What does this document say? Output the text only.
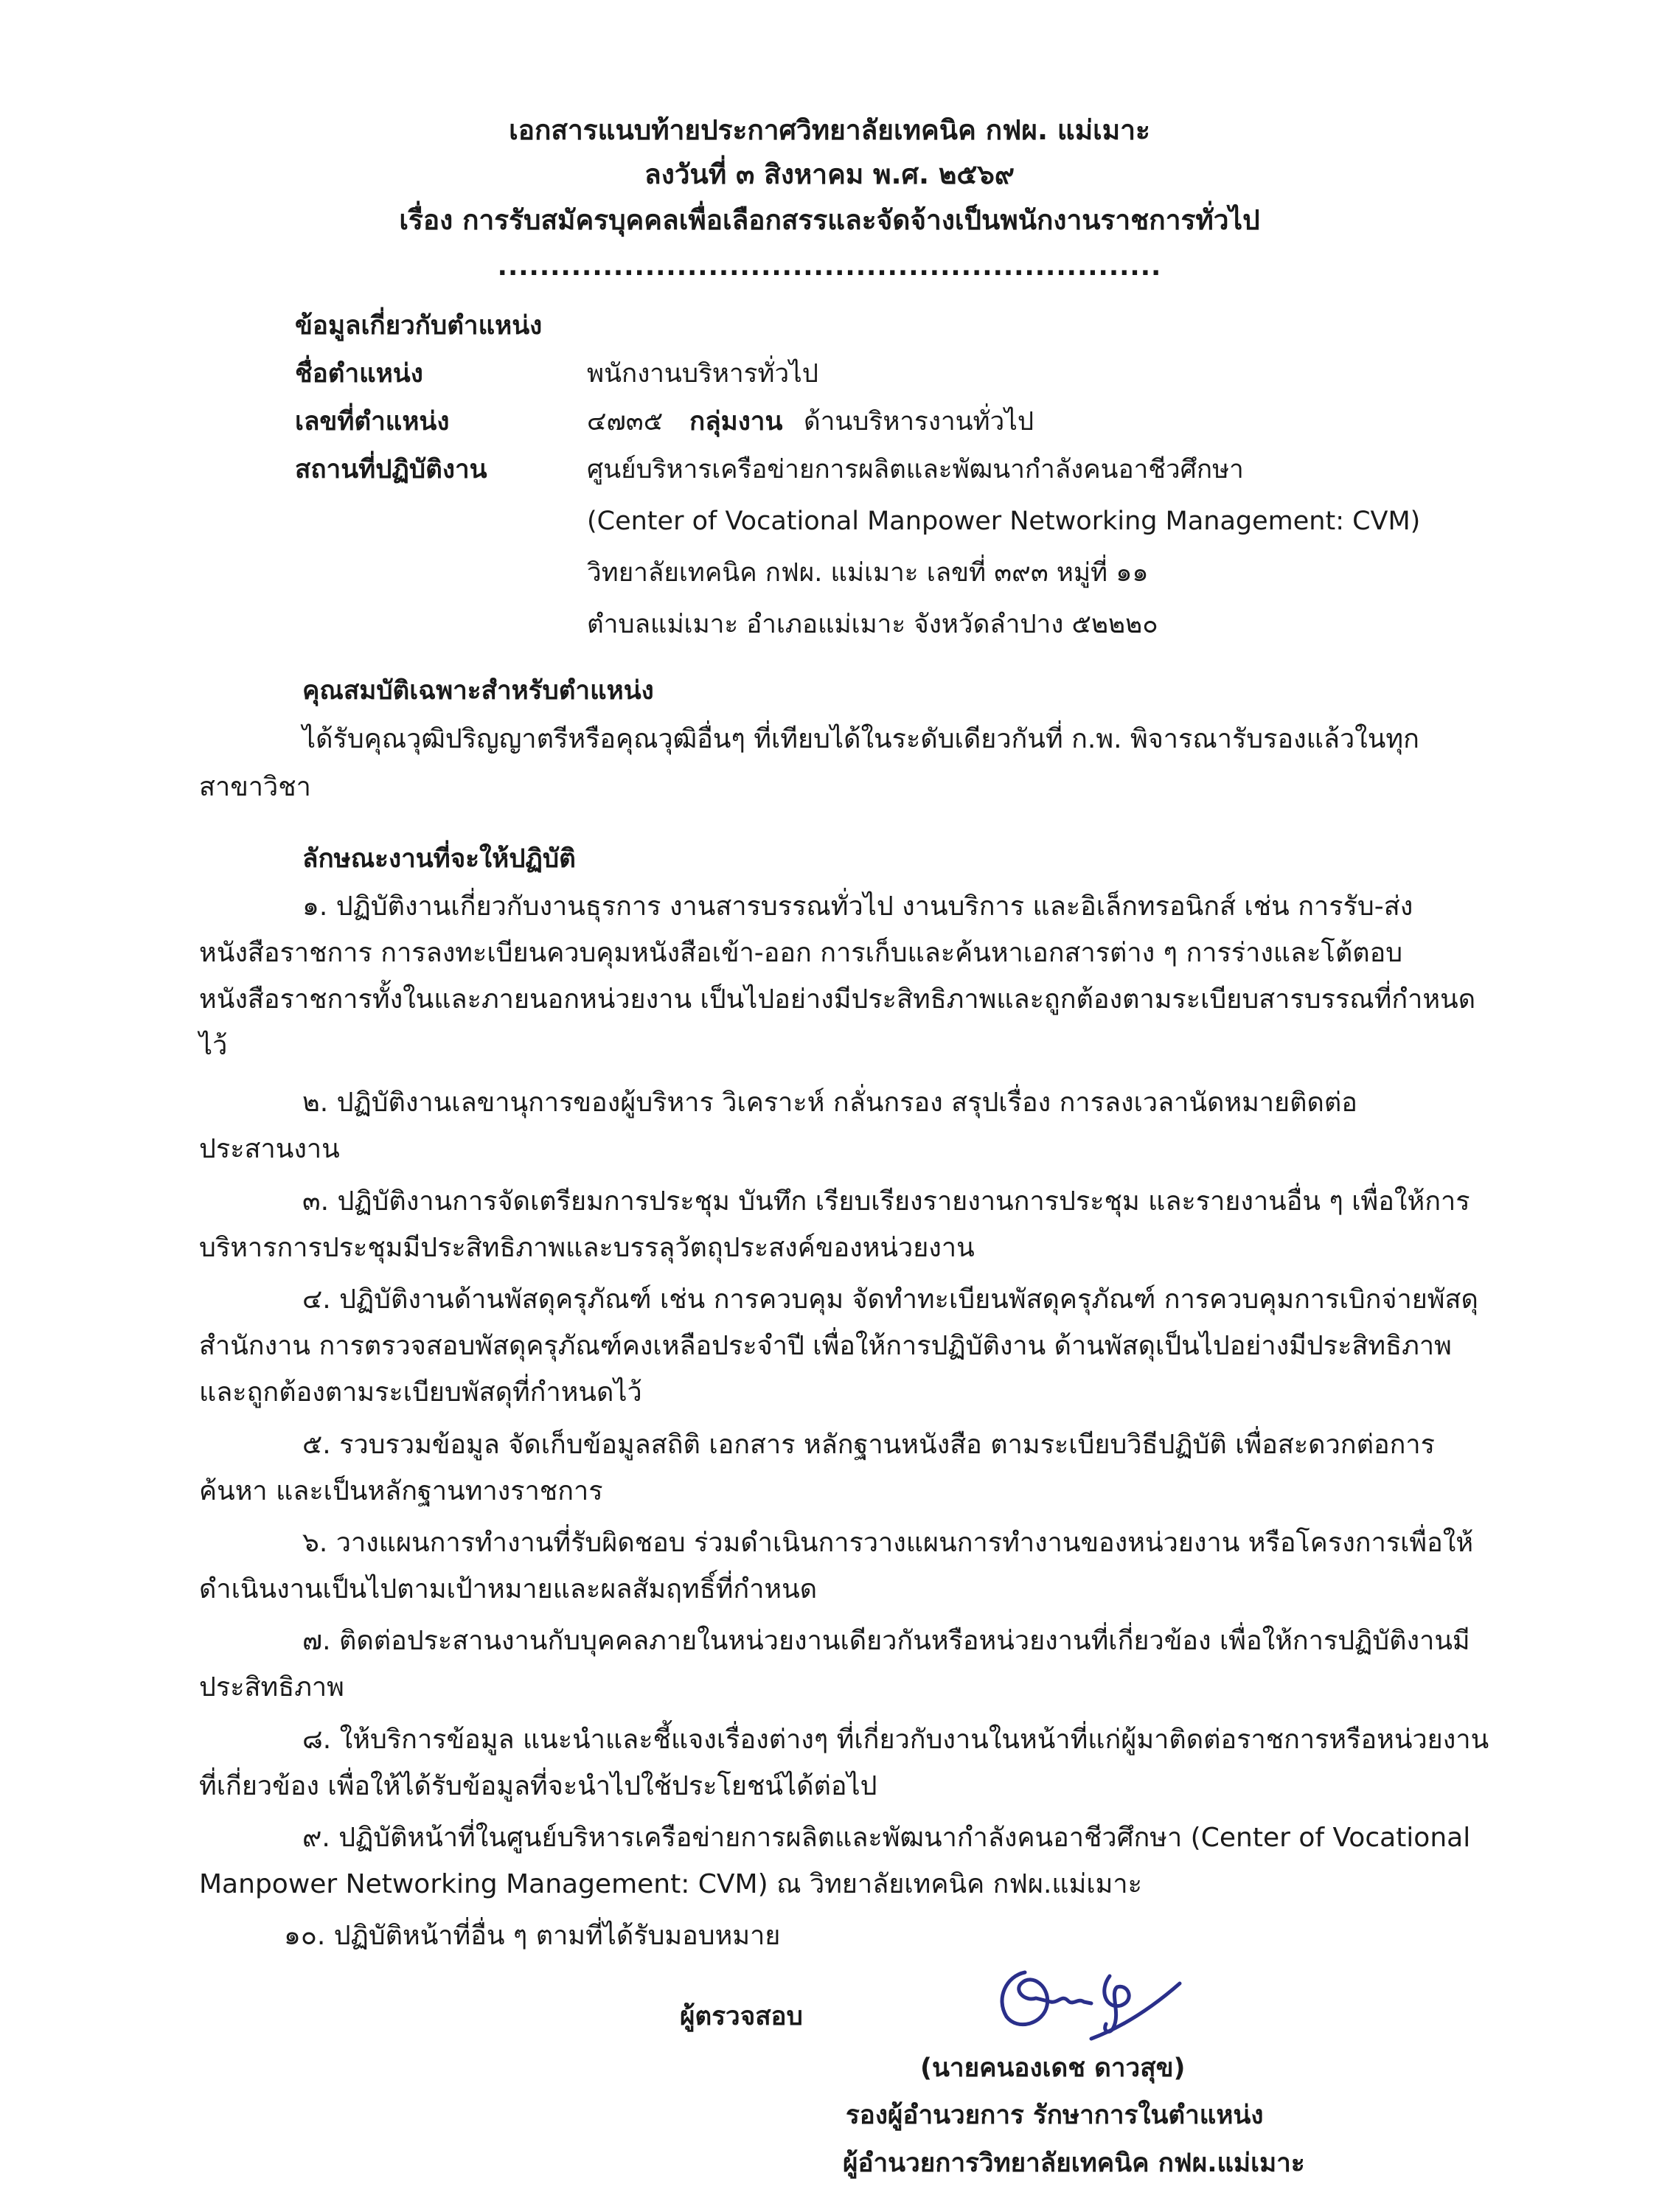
เอกสารแนบท้ายประกาศวิทยาลัยเทคนิค กฟผ. แม่เมาะ
ลงวันที่ ๓ สิงหาคม พ.ศ. ๒๕๖๙
เรื่อง การรับสมัครบุคคลเพื่อเลือกสรรและจัดจ้างเป็นพนักงานราชการทั่วไป
...............................................................
ข้อมูลเกี่ยวกับตำแหน่ง
ชื่อตำแหน่ง	พนักงานบริหารทั่วไป
เลขที่ตำแหน่ง	๔๗๓๕ กลุ่มงาน ด้านบริหารงานทั่วไป
สถานที่ปฏิบัติงาน	ศูนย์บริหารเครือข่ายการผลิตและพัฒนากำลังคนอาชีวศึกษา
(Center of Vocational Manpower Networking Management: CVM)
วิทยาลัยเทคนิค กฟผ. แม่เมาะ เลขที่ ๓๙๓ หมู่ที่ ๑๑
ตำบลแม่เมาะ อำเภอแม่เมาะ จังหวัดลำปาง ๕๒๒๒๐
คุณสมบัติเฉพาะสำหรับตำแหน่ง
ได้รับคุณวุฒิปริญญาตรีหรือคุณวุฒิอื่นๆ ที่เทียบได้ในระดับเดียวกันที่ ก.พ. พิจารณารับรองแล้วในทุก
สาขาวิชา
ลักษณะงานที่จะให้ปฏิบัติ
๑. ปฏิบัติงานเกี่ยวกับงานธุรการ งานสารบรรณทั่วไป งานบริการ และอิเล็กทรอนิกส์ เช่น การรับ-ส่ง
หนังสือราชการ การลงทะเบียนควบคุมหนังสือเข้า-ออก การเก็บและค้นหาเอกสารต่าง ๆ การร่างและโต้ตอบ
หนังสือราชการทั้งในและภายนอกหน่วยงาน เป็นไปอย่างมีประสิทธิภาพและถูกต้องตามระเบียบสารบรรณที่กำหนด
ไว้
๒. ปฏิบัติงานเลขานุการของผู้บริหาร วิเคราะห์ กลั่นกรอง สรุปเรื่อง การลงเวลานัดหมายติดต่อ
ประสานงาน
๓. ปฏิบัติงานการจัดเตรียมการประชุม บันทึก เรียบเรียงรายงานการประชุม และรายงานอื่น ๆ เพื่อให้การ
บริหารการประชุมมีประสิทธิภาพและบรรลุวัตถุประสงค์ของหน่วยงาน
๔. ปฏิบัติงานด้านพัสดุครุภัณฑ์ เช่น การควบคุม จัดทำทะเบียนพัสดุครุภัณฑ์ การควบคุมการเบิกจ่ายพัสดุ
สำนักงาน การตรวจสอบพัสดุครุภัณฑ์คงเหลือประจำปี เพื่อให้การปฏิบัติงาน ด้านพัสดุเป็นไปอย่างมีประสิทธิภาพ
และถูกต้องตามระเบียบพัสดุที่กำหนดไว้
๕. รวบรวมข้อมูล จัดเก็บข้อมูลสถิติ เอกสาร หลักฐานหนังสือ ตามระเบียบวิธีปฏิบัติ เพื่อสะดวกต่อการ
ค้นหา และเป็นหลักฐานทางราชการ
๖. วางแผนการทำงานที่รับผิดชอบ ร่วมดำเนินการวางแผนการทำงานของหน่วยงาน หรือโครงการเพื่อให้
ดำเนินงานเป็นไปตามเป้าหมายและผลสัมฤทธิ์ที่กำหนด
๗. ติดต่อประสานงานกับบุคคลภายในหน่วยงานเดียวกันหรือหน่วยงานที่เกี่ยวข้อง เพื่อให้การปฏิบัติงานมี
ประสิทธิภาพ
๘. ให้บริการข้อมูล แนะนำและชี้แจงเรื่องต่างๆ ที่เกี่ยวกับงานในหน้าที่แก่ผู้มาติดต่อราชการหรือหน่วยงาน
ที่เกี่ยวข้อง เพื่อให้ได้รับข้อมูลที่จะนำไปใช้ประโยชน์ได้ต่อไป
๙. ปฏิบัติหน้าที่ในศูนย์บริหารเครือข่ายการผลิตและพัฒนากำลังคนอาชีวศึกษา (Center of Vocational
Manpower Networking Management: CVM) ณ วิทยาลัยเทคนิค กฟผ.แม่เมาะ
๑๐. ปฏิบัติหน้าที่อื่น ๆ ตามที่ได้รับมอบหมาย
ผู้ตรวจสอบ
(นายคนองเดช ดาวสุข)
รองผู้อำนวยการ รักษาการในตำแหน่ง
ผู้อำนวยการวิทยาลัยเทคนิค กฟผ.แม่เมาะ
